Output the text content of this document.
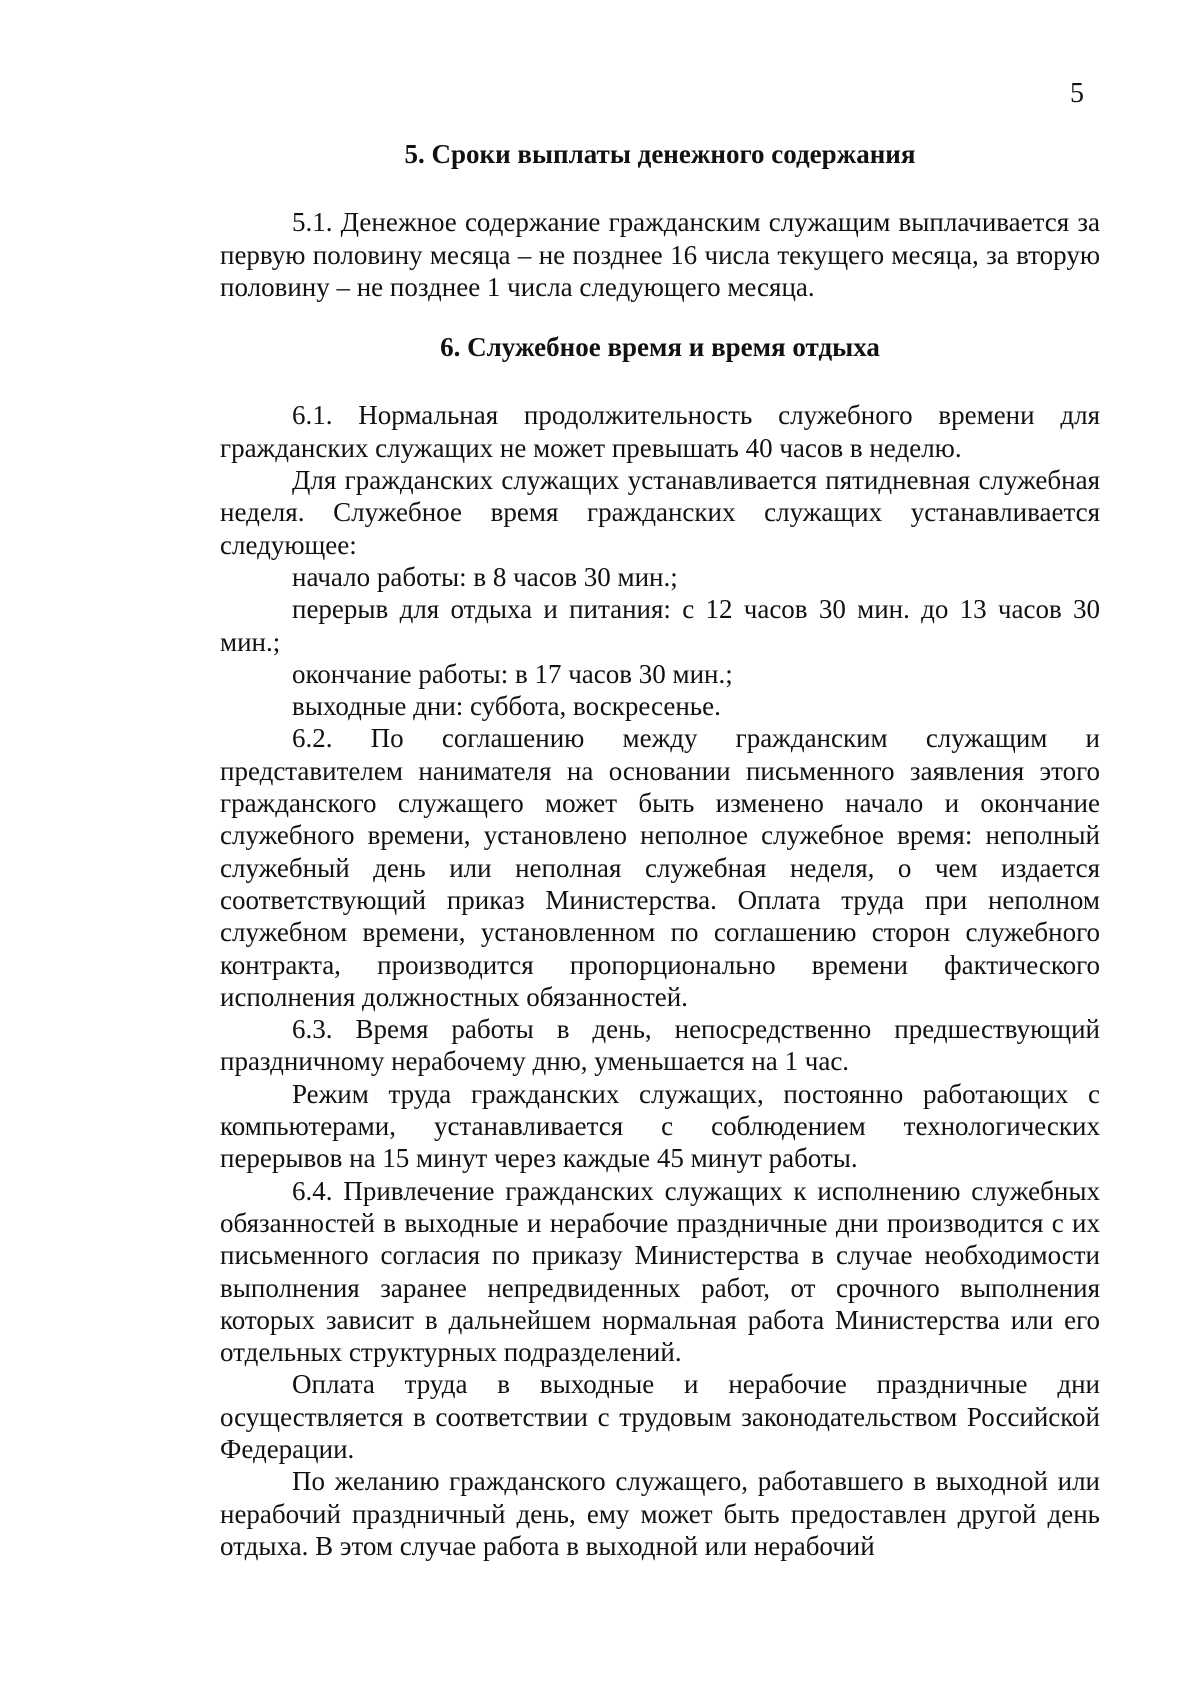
5
5. Сроки выплаты денежного содержания

5.1. Денежное содержание гражданским служащим выплачивается за первую половину месяца – не позднее 16 числа текущего месяца, за вторую половину – не позднее 1 числа следующего месяца.

6. Служебное время и время отдыха

6.1. Нормальная продолжительность служебного времени для гражданских служащих не может превышать 40 часов в неделю.

Для гражданских служащих устанавливается пятидневная служебная неделя. Служебное время гражданских служащих устанавливается следующее:

начало работы: в 8 часов 30 мин.;

перерыв для отдыха и питания: с 12 часов 30 мин. до 13 часов 30 мин.;

окончание работы: в 17 часов 30 мин.;

выходные дни: суббота, воскресенье.

6.2. По соглашению между гражданским служащим и представителем нанимателя на основании письменного заявления этого гражданского служащего может быть изменено начало и окончание служебного времени, установлено неполное служебное время: неполный служебный день или неполная служебная неделя, о чем издается соответствующий приказ Министерства. Оплата труда при неполном служебном времени, установленном по соглашению сторон служебного контракта, производится пропорционально времени фактического исполнения должностных обязанностей.

6.3. Время работы в день, непосредственно предшествующий праздничному нерабочему дню, уменьшается на 1 час.

Режим труда гражданских служащих, постоянно работающих с компьютерами, устанавливается с соблюдением технологических перерывов на 15 минут через каждые 45 минут работы.

6.4. Привлечение гражданских служащих к исполнению служебных обязанностей в выходные и нерабочие праздничные дни производится с их письменного согласия по приказу Министерства в случае необходимости выполнения заранее непредвиденных работ, от срочного выполнения которых зависит в дальнейшем нормальная работа Министерства или его отдельных структурных подразделений.

Оплата труда в выходные и нерабочие праздничные дни осуществляется в соответствии с трудовым законодательством Российской Федерации.

По желанию гражданского служащего, работавшего в выходной или нерабочий праздничный день, ему может быть предоставлен другой день отдыха. В этом случае работа в выходной или нерабочий
